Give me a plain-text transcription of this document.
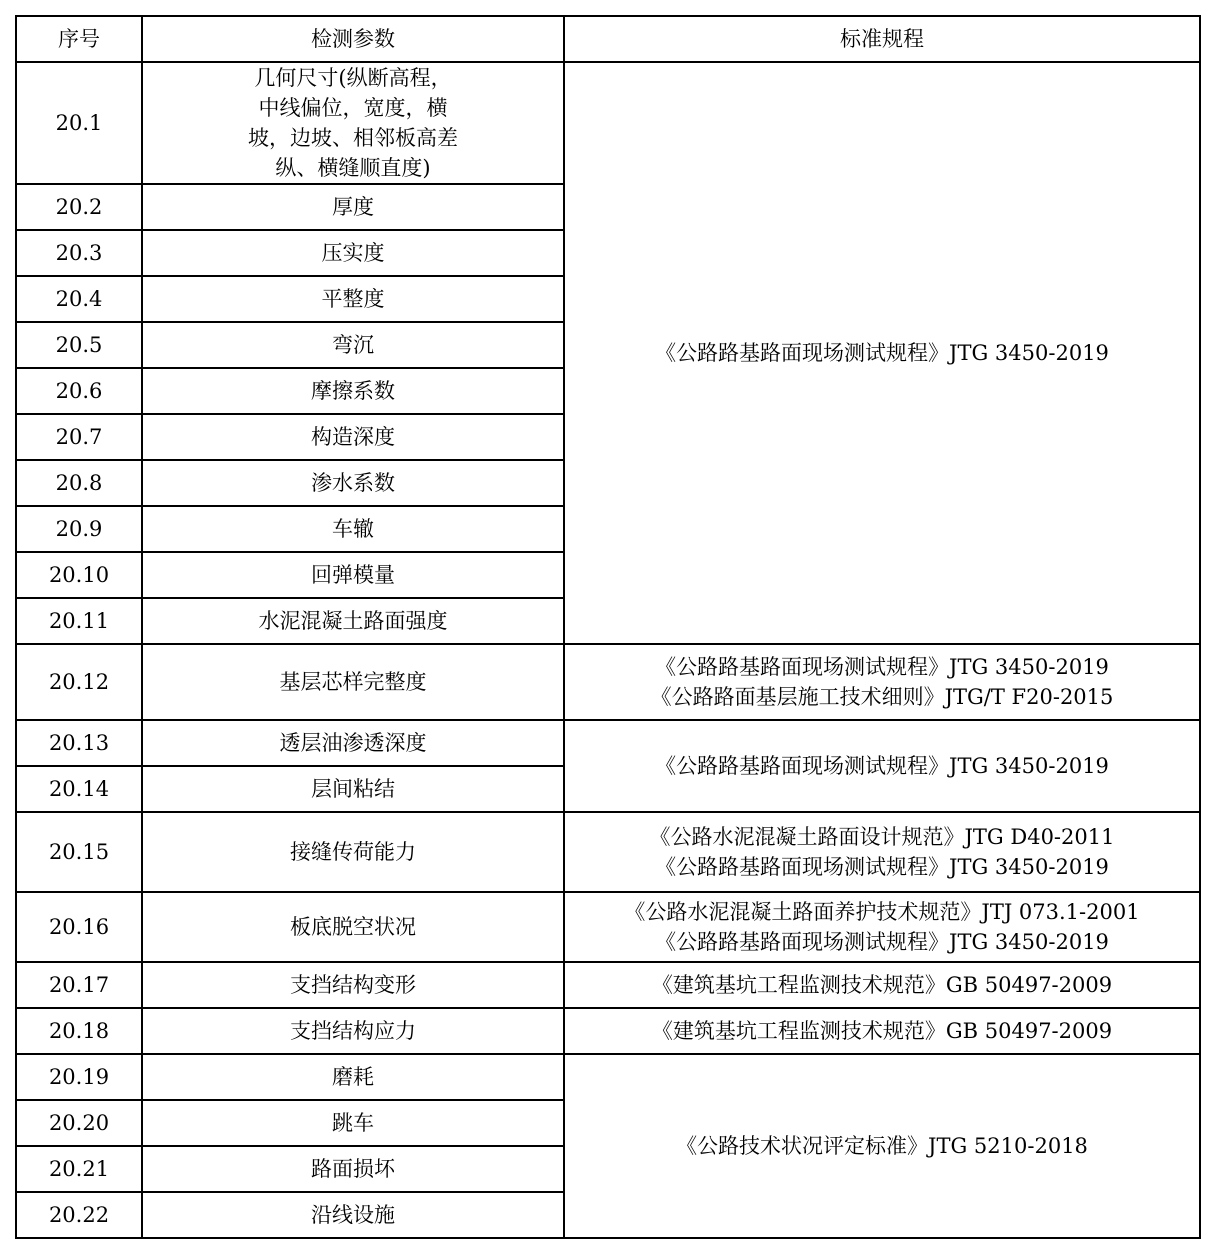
序号	检测参数	标准规程
20.1	几何尺寸(纵断高程，
中线偏位，宽度，横
坡，边坡、相邻板高差
纵、横缝顺直度)	《公路路基路面现场测试规程》JTG 3450-2019

20.2	厚度	
20.3	压实度	
20.4	平整度	
20.5	弯沉	
20.6	摩擦系数	
20.7	构造深度	
20.8	渗水系数	
20.9	车辙	
20.10	回弹模量	
20.11	水泥混凝土路面强度	
20.12	基层芯样完整度	《公路路基路面现场测试规程》JTG 3450-2019
《公路路面基层施工技术细则》JTG/T F20-2015

20.13	透层油渗透深度	《公路路基路面现场测试规程》JTG 3450-2019

20.14	层间粘结	
20.15	接缝传荷能力	《公路水泥混凝土路面设计规范》JTG D40-2011
《公路路基路面现场测试规程》JTG 3450-2019

20.16	板底脱空状况	《公路水泥混凝土路面养护技术规范》JTJ 073.1-2001
《公路路基路面现场测试规程》JTG 3450-2019

20.17	支挡结构变形	《建筑基坑工程监测技术规范》GB 50497-2009

20.18	支挡结构应力	《建筑基坑工程监测技术规范》GB 50497-2009

20.19	磨耗	《公路技术状况评定标准》JTG 5210-2018

20.20	跳车	
20.21	路面损坏	
20.22	沿线设施	
